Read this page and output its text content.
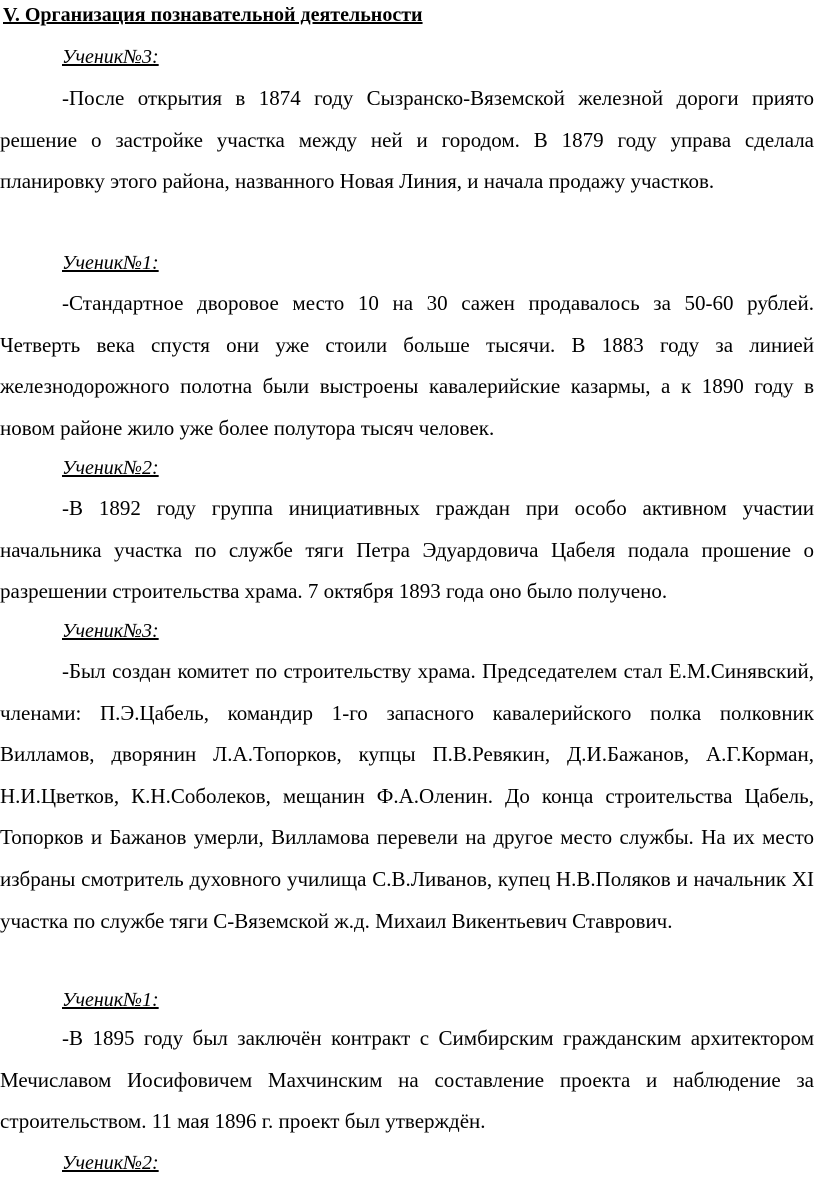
V. Организация познавательной деятельности

Ученик№3:

-После открытия в 1874 году Сызранско-Вяземской железной дороги приято решение о застройке участка между ней и городом. В 1879 году управа сделала планировку этого района, названного Новая Линия, и начала продажу участков.

Ученик№1:

-Стандартное дворовое место 10 на 30 сажен продавалось за 50-60 рублей. Четверть века спустя они уже стоили больше тысячи. В 1883 году за линией железнодорожного полотна были выстроены кавалерийские казармы, а к 1890 году в новом районе жило уже более полутора тысяч человек.

Ученик№2:

-В 1892 году группа инициативных граждан при особо активном участии начальника участка по службе тяги Петра Эдуардовича Цабеля подала прошение о разрешении строительства храма. 7 октября 1893 года оно было получено.

Ученик№3:

-Был создан комитет по строительству храма. Председателем стал Е.М.Синявский, членами: П.Э.Цабель, командир 1-го запасного кавалерийского полка полковник Вилламов, дворянин Л.А.Топорков, купцы П.В.Ревякин, Д.И.Бажанов, А.Г.Корман, Н.И.Цветков, К.Н.Соболеков, мещанин Ф.А.Оленин. До конца строительства Цабель, Топорков и Бажанов умерли, Вилламова перевели на другое место службы. На их место избраны смотритель духовного училища С.В.Ливанов, купец Н.В.Поляков и начальник XI участка по службе тяги С-Вяземской ж.д. Михаил Викентьевич Ставрович.

Ученик№1:

-В 1895 году был заключён контракт с Симбирским гражданским архитектором Мечиславом Иосифовичем Махчинским на составление проекта и наблюдение за строительством. 11 мая 1896 г. проект был утверждён.

Ученик№2:
